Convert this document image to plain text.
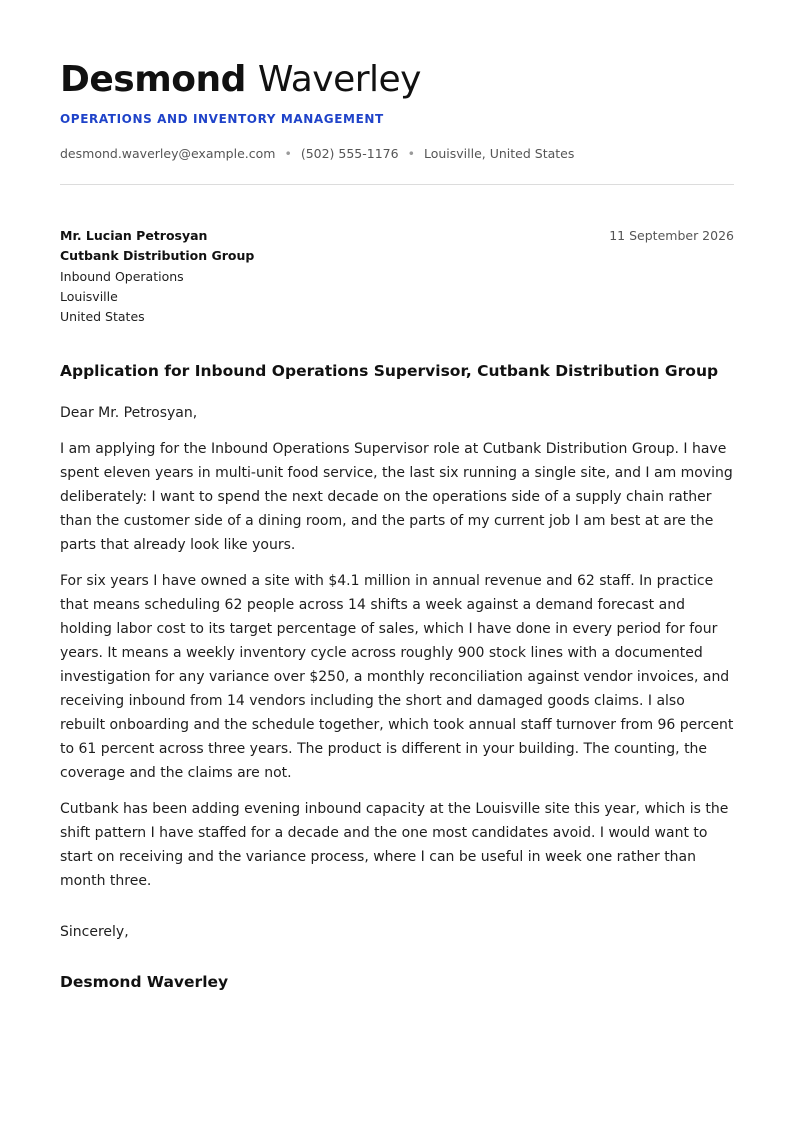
Desmond Waverley
OPERATIONS AND INVENTORY MANAGEMENT
desmond.waverley@example.com • (502) 555-1176 • Louisville, United States
Mr. Lucian Petrosyan
Cutbank Distribution Group
Inbound Operations
Louisville
United States
11 September 2026
Application for Inbound Operations Supervisor, Cutbank Distribution Group

Dear Mr. Petrosyan,

I am applying for the Inbound Operations Supervisor role at Cutbank Distribution Group. I have spent eleven years in multi-unit food service, the last six running a single site, and I am moving deliberately: I want to spend the next decade on the operations side of a supply chain rather than the customer side of a dining room, and the parts of my current job I am best at are the parts that already look like yours.

For six years I have owned a site with $4.1 million in annual revenue and 62 staff. In practice that means scheduling 62 people across 14 shifts a week against a demand forecast and holding labor cost to its target percentage of sales, which I have done in every period for four years. It means a weekly inventory cycle across roughly 900 stock lines with a documented investigation for any variance over $250, a monthly reconciliation against vendor invoices, and receiving inbound from 14 vendors including the short and damaged goods claims. I also rebuilt onboarding and the schedule together, which took annual staff turnover from 96 percent to 61 percent across three years. The product is different in your building. The counting, the coverage and the claims are not.

Cutbank has been adding evening inbound capacity at the Louisville site this year, which is the shift pattern I have staffed for a decade and the one most candidates avoid. I would want to start on receiving and the variance process, where I can be useful in week one rather than month three.

Sincerely,
Desmond Waverley
